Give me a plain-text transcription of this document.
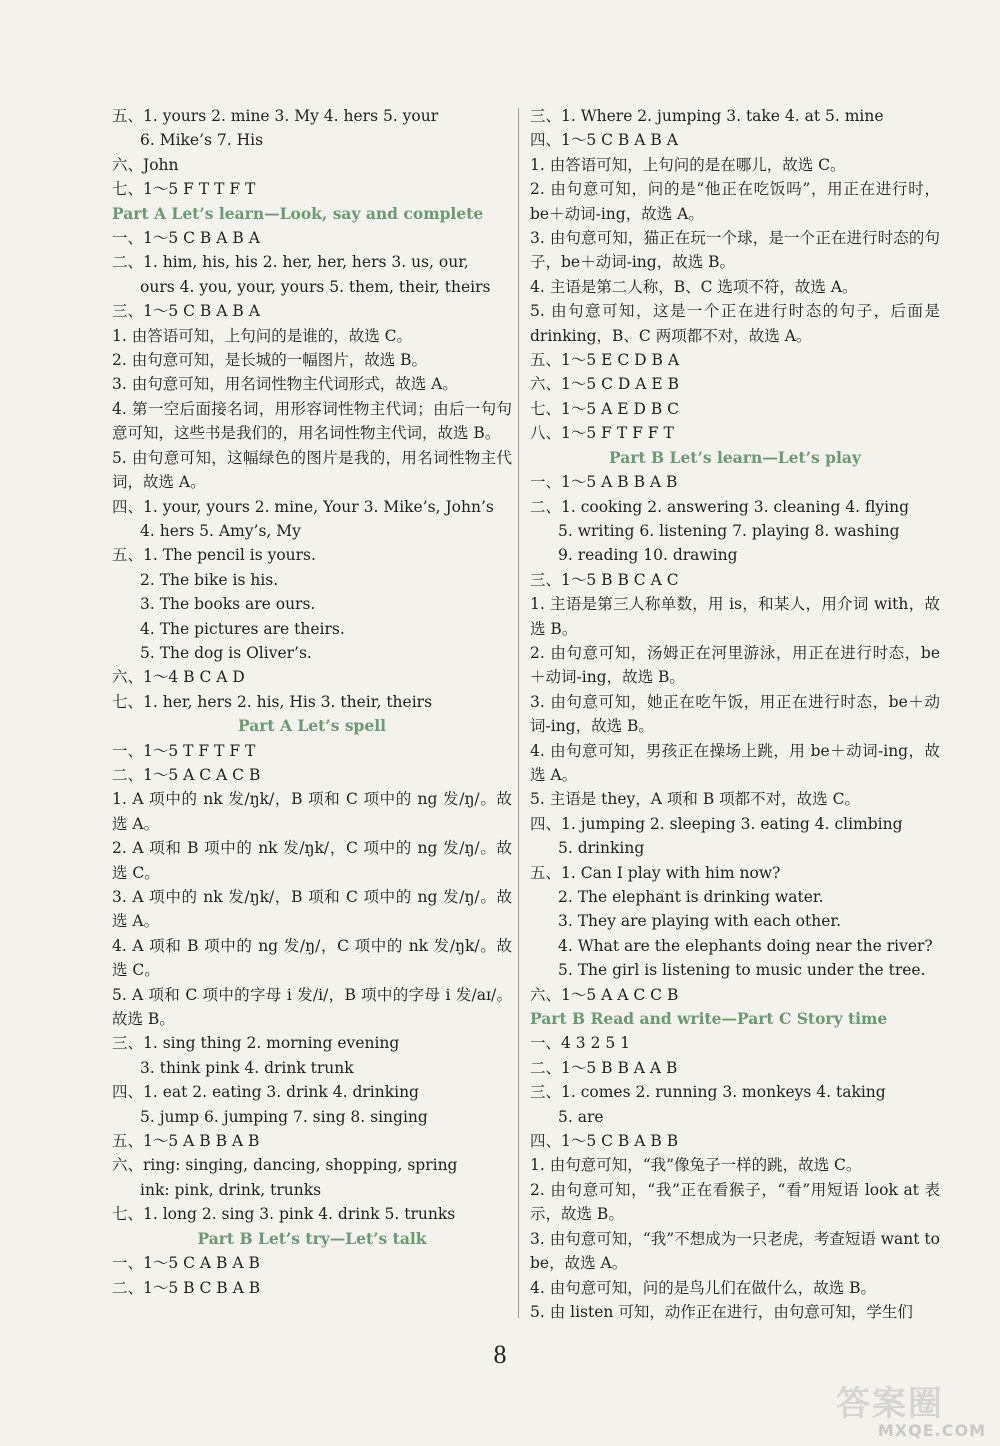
五、1. yours 2. mine 3. My 4. hers 5. your
6. Mike’s 7. His
六、John
七、1～5 F T T F T
Part A Let’s learn—Look, say and complete
一、1～5 C B A B A
二、1. him, his, his 2. her, her, hers 3. us, our,
ours 4. you, your, yours 5. them, their, theirs
三、1～5 C B A B A
1. 由答语可知，上句问的是谁的，故选 C。
2. 由句意可知，是长城的一幅图片，故选 B。
3. 由句意可知，用名词性物主代词形式，故选 A。
4. 第一空后面接名词，用形容词性物主代词；由后一句句意可知，这些书是我们的，用名词性物主代词，故选 B。
5. 由句意可知，这幅绿色的图片是我的，用名词性物主代词，故选 A。
四、1. your, yours 2. mine, Your 3. Mike’s, John’s
4. hers 5. Amy’s, My
五、1. The pencil is yours.
2. The bike is his.
3. The books are ours.
4. The pictures are theirs.
5. The dog is Oliver’s.
六、1～4 B C A D
七、1. her, hers 2. his, His 3. their, theirs
Part A Let’s spell
一、1～5 T F T F T
二、1～5 A C A C B
1. A 项中的 nk 发/ŋk/，B 项和 C 项中的 ng 发/ŋ/。故选 A。
2. A 项和 B 项中的 nk 发/ŋk/，C 项中的 ng 发/ŋ/。故选 C。
3. A 项中的 nk 发/ŋk/，B 项和 C 项中的 ng 发/ŋ/。故选 A。
4. A 项和 B 项中的 ng 发/ŋ/，C 项中的 nk 发/ŋk/。故选 C。
5. A 项和 C 项中的字母 i 发/i/，B 项中的字母 i 发/aɪ/。故选 B。
三、1. sing thing 2. morning evening
3. think pink 4. drink trunk
四、1. eat 2. eating 3. drink 4. drinking
5. jump 6. jumping 7. sing 8. singing
五、1～5 A B B A B
六、ring: singing, dancing, shopping, spring
ink: pink, drink, trunks
七、1. long 2. sing 3. pink 4. drink 5. trunks
Part B Let’s try—Let’s talk
一、1～5 C A B A B
二、1～5 B C B A B
三、1. Where 2. jumping 3. take 4. at 5. mine
四、1～5 C B A B A
1. 由答语可知，上句问的是在哪儿，故选 C。
2. 由句意可知，问的是“他正在吃饭吗”，用正在进行时，be＋动词-ing，故选 A。
3. 由句意可知，猫正在玩一个球，是一个正在进行时态的句子，be＋动词-ing，故选 B。
4. 主语是第二人称，B、C 选项不符，故选 A。
5. 由句意可知，这是一个正在进行时态的句子，后面是 drinking，B、C 两项都不对，故选 A。
五、1～5 E C D B A
六、1～5 C D A E B
七、1～5 A E D B C
八、1～5 F T F F T
Part B Let’s learn—Let’s play
一、1～5 A B B A B
二、1. cooking 2. answering 3. cleaning 4. flying
5. writing 6. listening 7. playing 8. washing
9. reading 10. drawing
三、1～5 B B C A C
1. 主语是第三人称单数，用 is，和某人，用介词 with，故选 B。
2. 由句意可知，汤姆正在河里游泳，用正在进行时态，be＋动词-ing，故选 B。
3. 由句意可知，她正在吃午饭，用正在进行时态，be＋动词-ing，故选 B。
4. 由句意可知，男孩正在操场上跳，用 be＋动词-ing，故选 A。
5. 主语是 they，A 项和 B 项都不对，故选 C。
四、1. jumping 2. sleeping 3. eating 4. climbing
5. drinking
五、1. Can I play with him now?
2. The elephant is drinking water.
3. They are playing with each other.
4. What are the elephants doing near the river?
5. The girl is listening to music under the tree.
六、1～5 A A C C B
Part B Read and write—Part C Story time
一、4 3 2 5 1
二、1～5 B B A A B
三、1. comes 2. running 3. monkeys 4. taking
5. are
四、1～5 C B A B B
1. 由句意可知，“我”像兔子一样的跳，故选 C。
2. 由句意可知，“我”正在看猴子，“看”用短语 look at 表示，故选 B。
3. 由句意可知，“我”不想成为一只老虎，考查短语 want to be，故选 A。
4. 由句意可知，问的是鸟儿们在做什么，故选 B。
5. 由 listen 可知，动作正在进行，由句意可知，学生们
8
答案圈
MXQE.COM
